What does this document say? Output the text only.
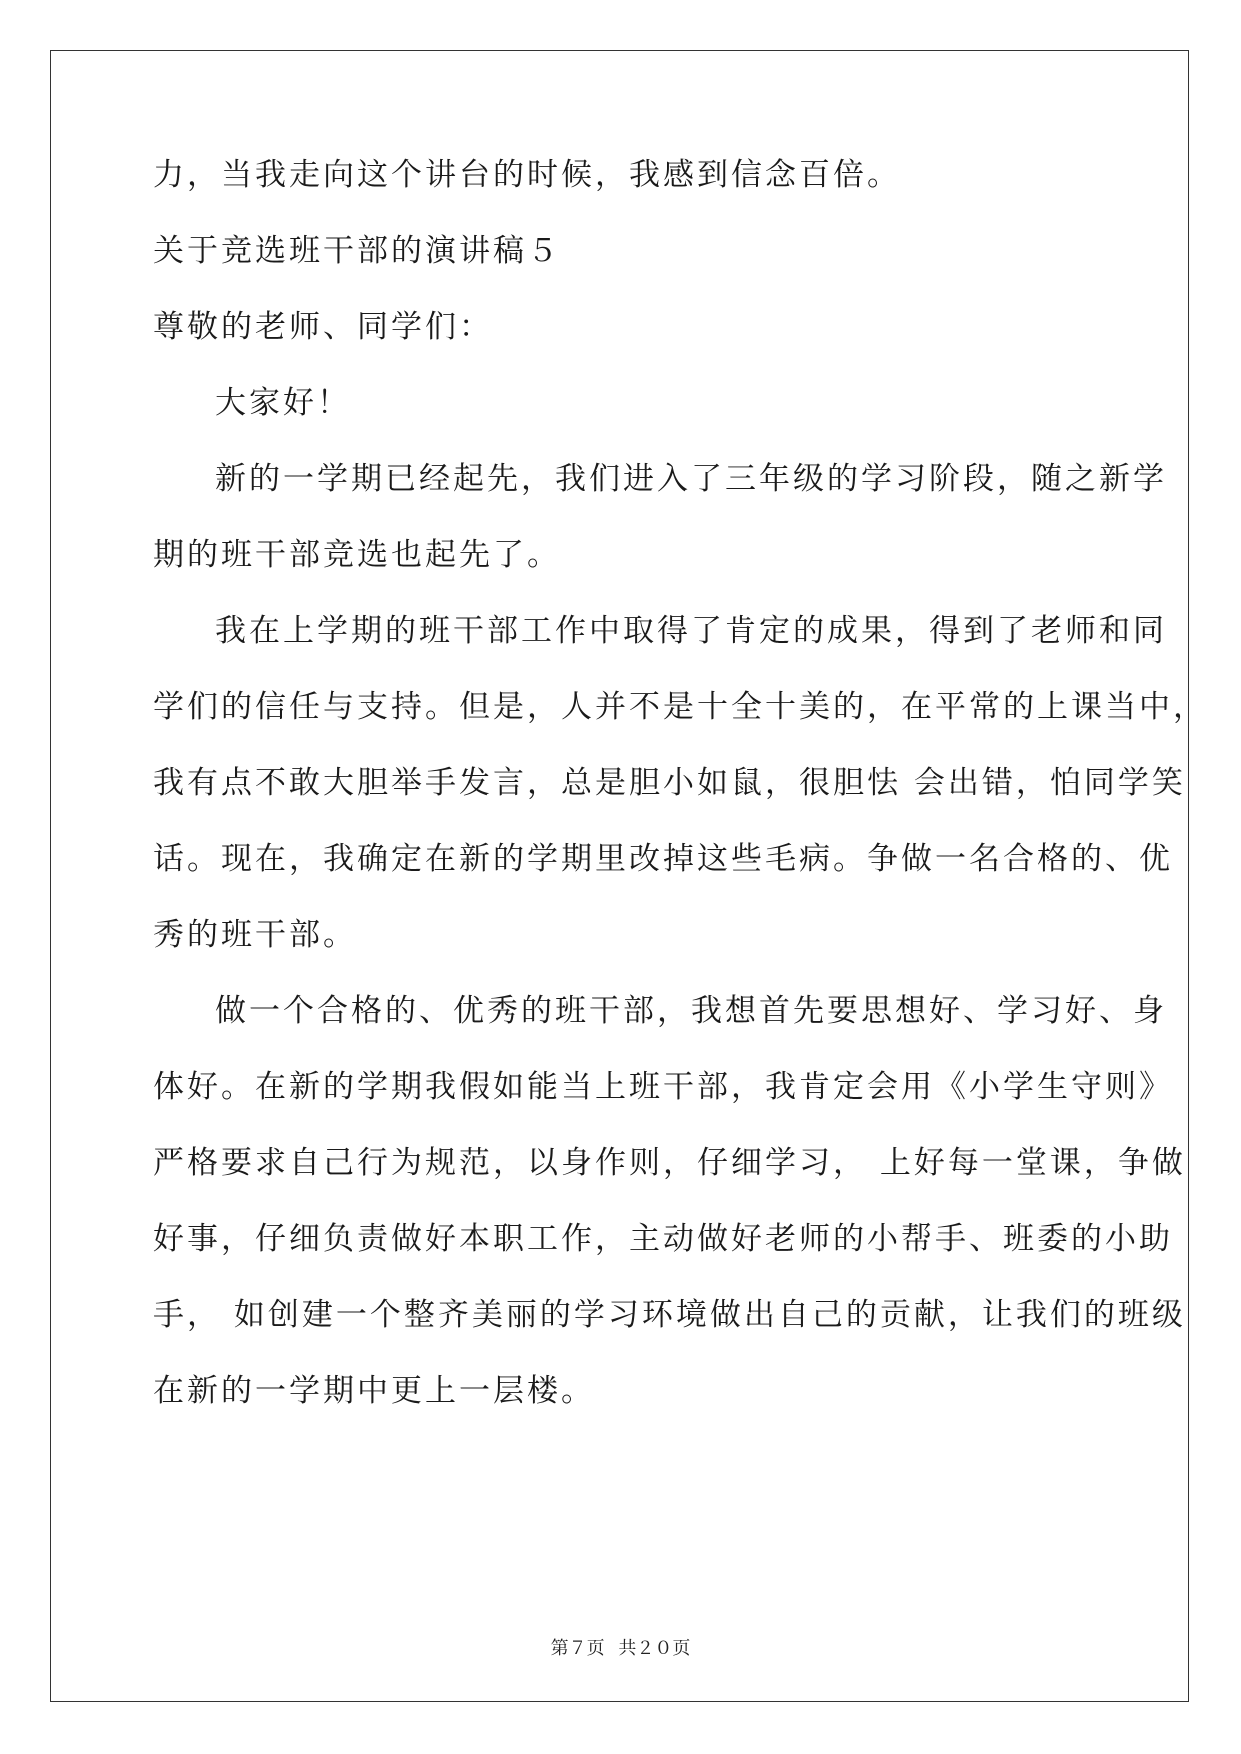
力，当我走向这个讲台的时候，我感到信念百倍。
关于竞选班干部的演讲稿５
尊敬的老师、同学们：
大家好！
新的一学期已经起先，我们进入了三年级的学习阶段，随之新学
期的班干部竞选也起先了。
我在上学期的班干部工作中取得了肯定的成果，得到了老师和同
学们的信任与支持。但是，人并不是十全十美的，在平常的上课当中，
我有点不敢大胆举手发言，总是胆小如鼠，很胆怯 会出错，怕同学笑
话。现在，我确定在新的学期里改掉这些毛病。争做一名合格的、优
秀的班干部。
做一个合格的、优秀的班干部，我想首先要思想好、学习好、身
体好。在新的学期我假如能当上班干部，我肯定会用《小学生守则》
严格要求自己行为规范，以身作则，仔细学习， 上好每一堂课，争做
好事，仔细负责做好本职工作，主动做好老师的小帮手、班委的小助
手， 如创建一个整齐美丽的学习环境做出自己的贡献，让我们的班级
在新的一学期中更上一层楼。
第７页 共２０页
